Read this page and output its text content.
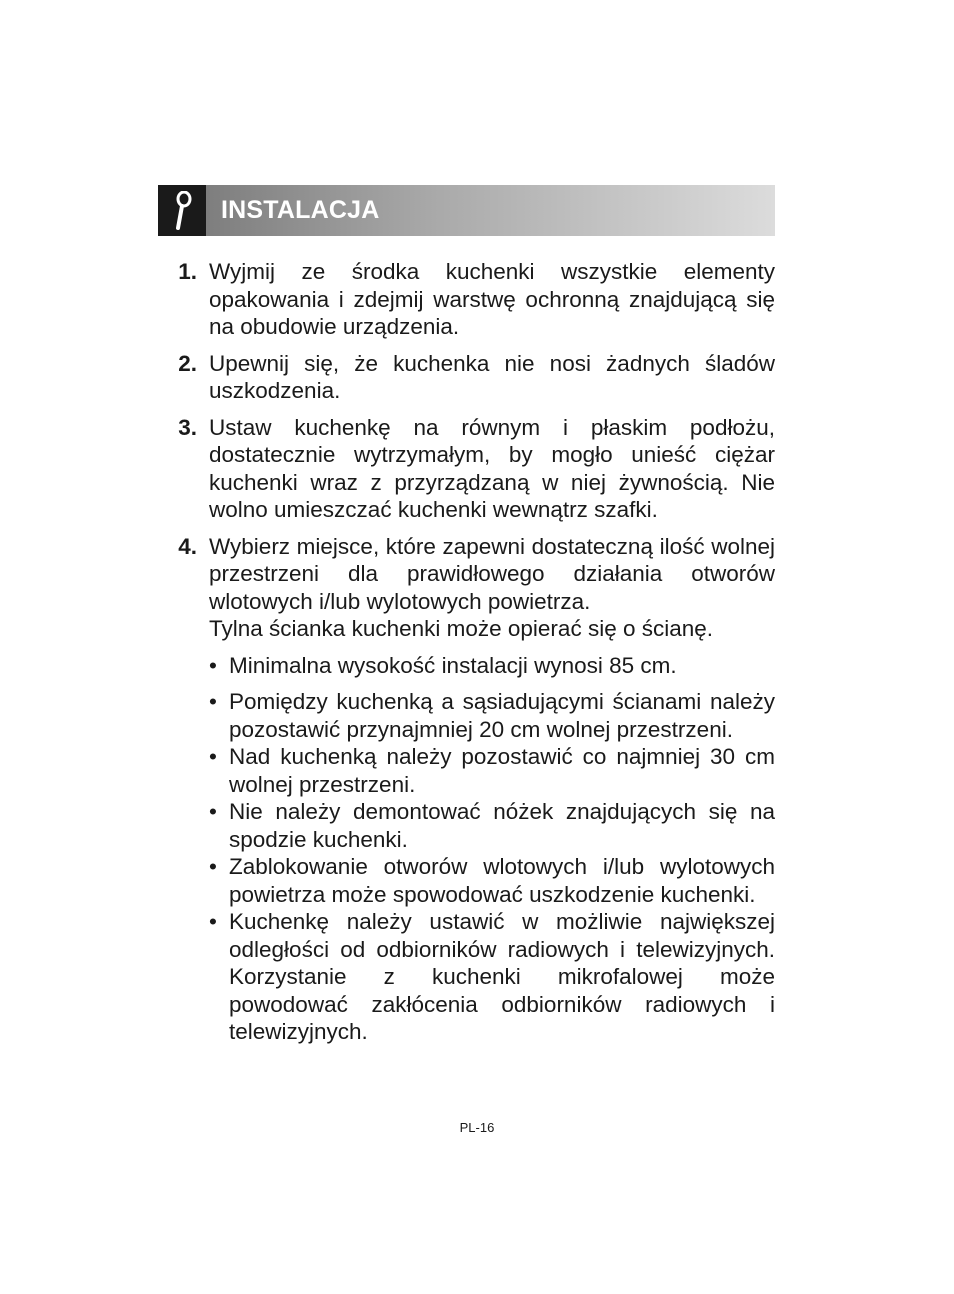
INSTALACJA
1. Wyjmij ze środka kuchenki wszystkie elementy opakowania i zdejmij warstwę ochronną znajdującą się na obudowie urządzenia.
2. Upewnij się, że kuchenka nie nosi żadnych śladów uszkodzenia.
3. Ustaw kuchenkę na równym i płaskim podłożu, dostatecznie wytrzymałym, by mogło unieść ciężar kuchenki wraz z przyrządzaną w niej żywnością. Nie wolno umieszczać kuchenki wewnątrz szafki.
4. Wybierz miejsce, które zapewni dostateczną ilość wolnej przestrzeni dla prawidłowego działania otworów wlotowych i/lub wylotowych powietrza.

Tylna ścianka kuchenki może opierać się o ścianę.

• Minimalna wysokość instalacji wynosi 85 cm.
• Pomiędzy kuchenką a sąsiadującymi ścianami należy pozostawić przynajmniej 20 cm wolnej przestrzeni.
• Nad kuchenką należy pozostawić co najmniej 30 cm wolnej przestrzeni.
• Nie należy demontować nóżek znajdujących się na spodzie kuchenki.
• Zablokowanie otworów wlotowych i/lub wylotowych powietrza może spowodować uszkodzenie kuchenki.
• Kuchenkę należy ustawić w możliwie największej odległości od odbiorników radiowych i telewizyjnych. Korzystanie z kuchenki mikrofalowej może powodować zakłócenia odbiorników radiowych i telewizyjnych.
PL-16
